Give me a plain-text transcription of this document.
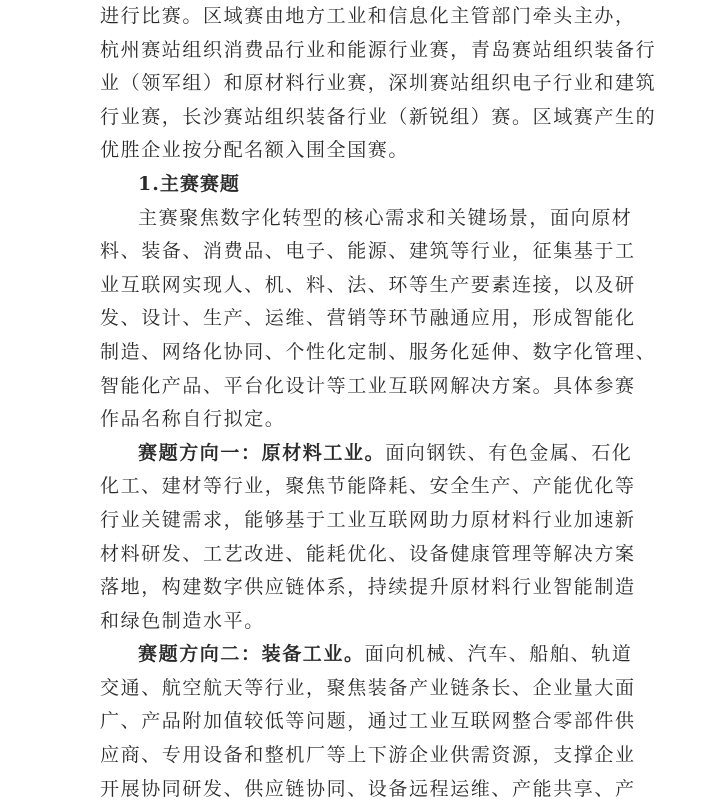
进行比赛。区域赛由地方工业和信息化主管部门牵头主办，
杭州赛站组织消费品行业和能源行业赛，青岛赛站组织装备行
业（领军组）和原材料行业赛，深圳赛站组织电子行业和建筑
行业赛，长沙赛站组织装备行业（新锐组）赛。区域赛产生的
优胜企业按分配名额入围全国赛。
1.主赛赛题
主赛聚焦数字化转型的核心需求和关键场景，面向原材
料、装备、消费品、电子、能源、建筑等行业，征集基于工
业互联网实现人、机、料、法、环等生产要素连接，以及研
发、设计、生产、运维、营销等环节融通应用，形成智能化
制造、网络化协同、个性化定制、服务化延伸、数字化管理、
智能化产品、平台化设计等工业互联网解决方案。具体参赛
作品名称自行拟定。
赛题方向一：原材料工业。面向钢铁、有色金属、石化
化工、建材等行业，聚焦节能降耗、安全生产、产能优化等
行业关键需求，能够基于工业互联网助力原材料行业加速新
材料研发、工艺改进、能耗优化、设备健康管理等解决方案
落地，构建数字供应链体系，持续提升原材料行业智能制造
和绿色制造水平。
赛题方向二：装备工业。面向机械、汽车、船舶、轨道
交通、航空航天等行业，聚焦装备产业链条长、企业量大面
广、产品附加值较低等问题，通过工业互联网整合零部件供
应商、专用设备和整机厂等上下游企业供需资源，支撑企业
开展协同研发、供应链协同、设备远程运维、产能共享、产
